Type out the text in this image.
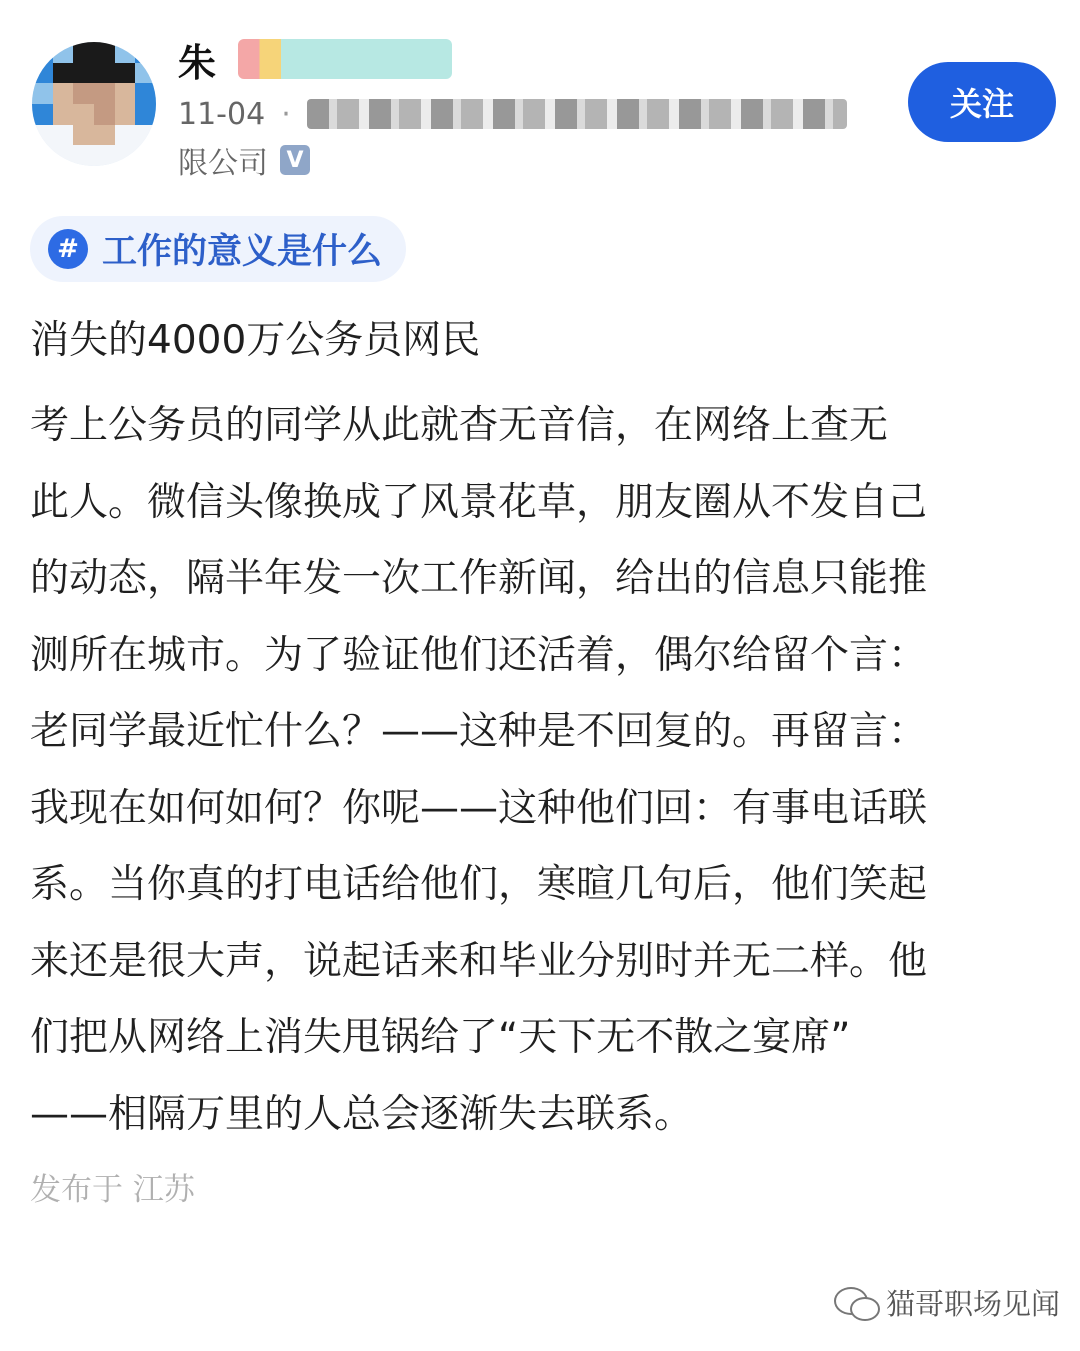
朱
11-04 ·
限公司 V
关注
# 工作的意义是什么
消失的4000万公务员网民
考上公务员的同学从此就杳无音信，在网络上查无
此人。微信头像换成了风景花草，朋友圈从不发自己
的动态，隔半年发一次工作新闻，给出的信息只能推
测所在城市。为了验证他们还活着，偶尔给留个言：
老同学最近忙什么？——这种是不回复的。再留言：
我现在如何如何？你呢——这种他们回：有事电话联
系。当你真的打电话给他们，寒暄几句后，他们笑起
来还是很大声，说起话来和毕业分别时并无二样。他
们把从网络上消失甩锅给了“天下无不散之宴席”
——相隔万里的人总会逐渐失去联系。
发布于 江苏
猫哥职场见闻
